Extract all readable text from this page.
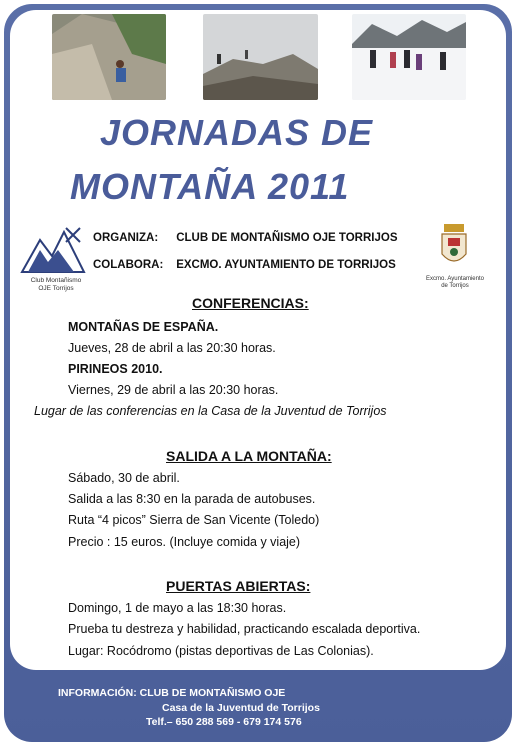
JORNADAS DE
MONTAÑA 2011
Club Montañismo
OJE Torrijos
Excmo. Ayuntamiento
de Torrijos
ORGANIZA: CLUB DE MONTAÑISMO OJE TORRIJOS
COLABORA: EXCMO. AYUNTAMIENTO DE TORRIJOS
CONFERENCIAS:
MONTAÑAS DE ESPAÑA.
Jueves, 28 de abril a las 20:30 horas.
PIRINEOS 2010.
Viernes, 29 de abril a las 20:30 horas.
Lugar de las conferencias en la Casa de la Juventud de Torrijos
SALIDA A LA MONTAÑA:
Sábado, 30 de abril.
Salida a las 8:30 en la parada de autobuses.
Ruta “4 picos” Sierra de San Vicente (Toledo)
Precio : 15 euros. (Incluye comida y viaje)
PUERTAS ABIERTAS:
Domingo, 1 de mayo a las 18:30 horas.
Prueba tu destreza y habilidad, practicando escalada deportiva.
Lugar: Rocódromo (pistas deportivas de Las Colonias).
INFORMACIÓN: CLUB DE MONTAÑISMO OJE
Casa de la Juventud de Torrijos
Telf.– 650 288 569 - 679 174 576
